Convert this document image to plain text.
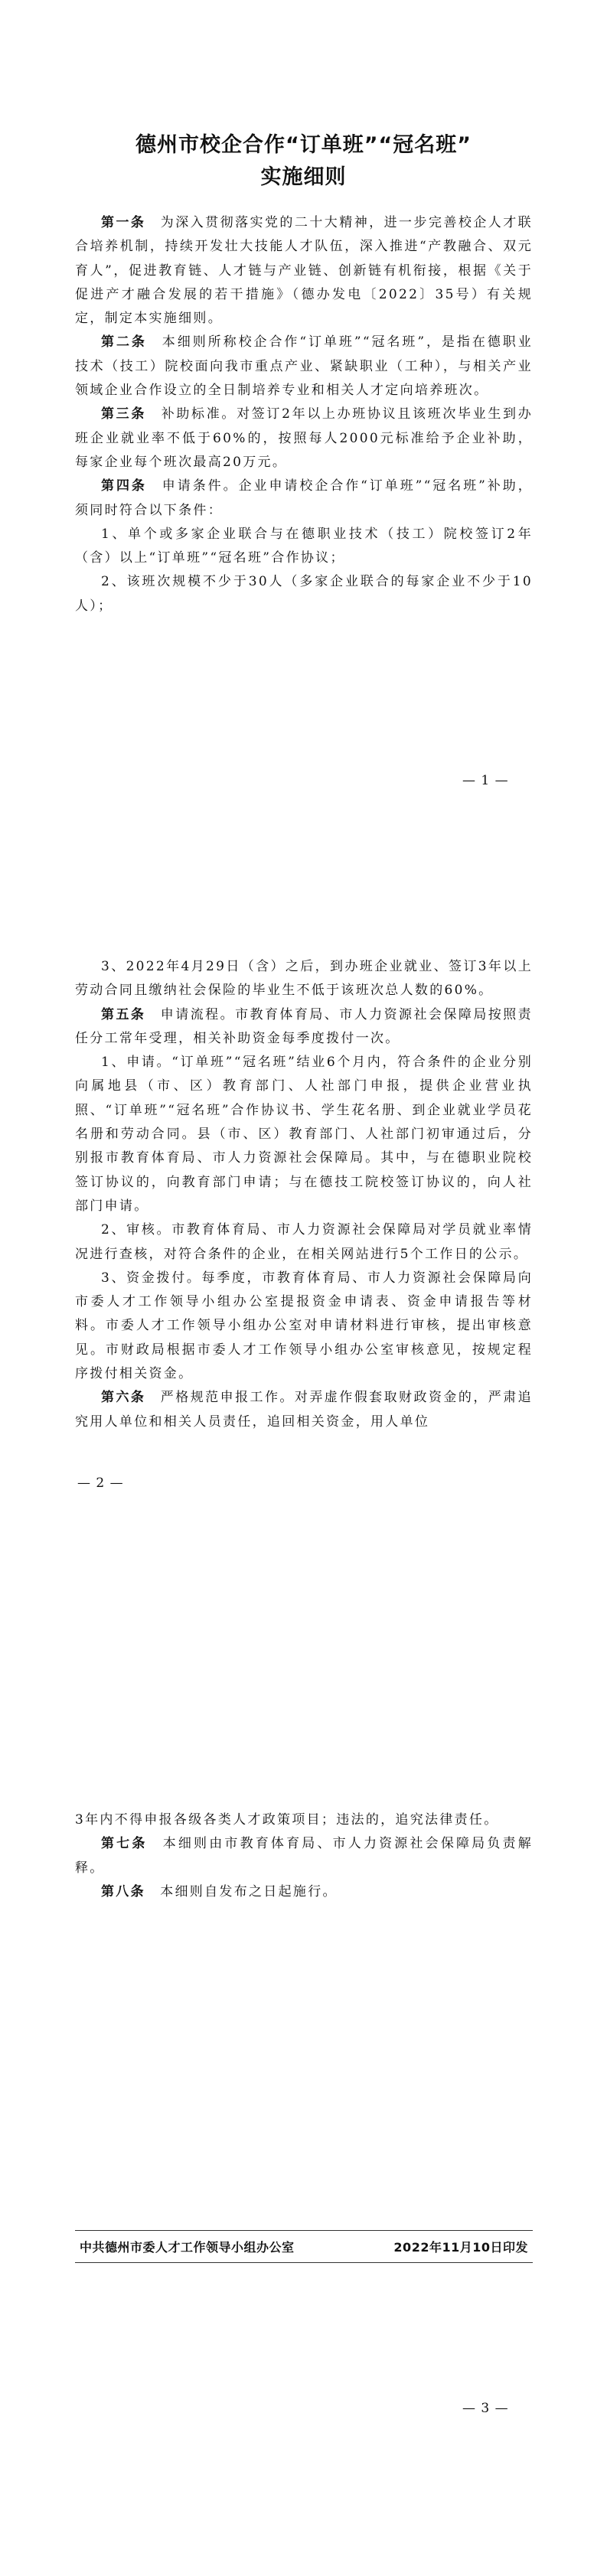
德州市校企合作“订单班”“冠名班”
实施细则

第一条　为深入贯彻落实党的二十大精神，进一步完善校企人才联合培养机制，持续开发壮大技能人才队伍，深入推进“产教融合、双元育人”，促进教育链、人才链与产业链、创新链有机衔接，根据《关于促进产才融合发展的若干措施》（德办发电〔2022〕35号）有关规定，制定本实施细则。

第二条　本细则所称校企合作“订单班”“冠名班”，是指在德职业技术（技工）院校面向我市重点产业、紧缺职业（工种），与相关产业领域企业合作设立的全日制培养专业和相关人才定向培养班次。

第三条　补助标准。对签订2年以上办班协议且该班次毕业生到办班企业就业率不低于60%的，按照每人2000元标准给予企业补助，每家企业每个班次最高20万元。

第四条　申请条件。企业申请校企合作“订单班”“冠名班”补助，须同时符合以下条件：

1、单个或多家企业联合与在德职业技术（技工）院校签订2年（含）以上“订单班”“冠名班”合作协议；

2、该班次规模不少于30人（多家企业联合的每家企业不少于10人）；

— 1 —

3、2022年4月29日（含）之后，到办班企业就业、签订3年以上劳动合同且缴纳社会保险的毕业生不低于该班次总人数的60%。

第五条　申请流程。市教育体育局、市人力资源社会保障局按照责任分工常年受理，相关补助资金每季度拨付一次。

1、申请。“订单班”“冠名班”结业6个月内，符合条件的企业分别向属地县（市、区）教育部门、人社部门申报，提供企业营业执照、“订单班”“冠名班”合作协议书、学生花名册、到企业就业学员花名册和劳动合同。县（市、区）教育部门、人社部门初审通过后，分别报市教育体育局、市人力资源社会保障局。其中，与在德职业院校签订协议的，向教育部门申请；与在德技工院校签订协议的，向人社部门申请。

2、审核。市教育体育局、市人力资源社会保障局对学员就业率情况进行查核，对符合条件的企业，在相关网站进行5个工作日的公示。

3、资金拨付。每季度，市教育体育局、市人力资源社会保障局向市委人才工作领导小组办公室提报资金申请表、资金申请报告等材料。市委人才工作领导小组办公室对申请材料进行审核，提出审核意见。市财政局根据市委人才工作领导小组办公室审核意见，按规定程序拨付相关资金。

第六条　严格规范申报工作。对弄虚作假套取财政资金的，严肃追究用人单位和相关人员责任，追回相关资金，用人单位

— 2 —

3年内不得申报各级各类人才政策项目；违法的，追究法律责任。

第七条　本细则由市教育体育局、市人力资源社会保障局负责解释。

第八条　本细则自发布之日起施行。

中共德州市委人才工作领导小组办公室	2022年11月10日印发
— 3 —
